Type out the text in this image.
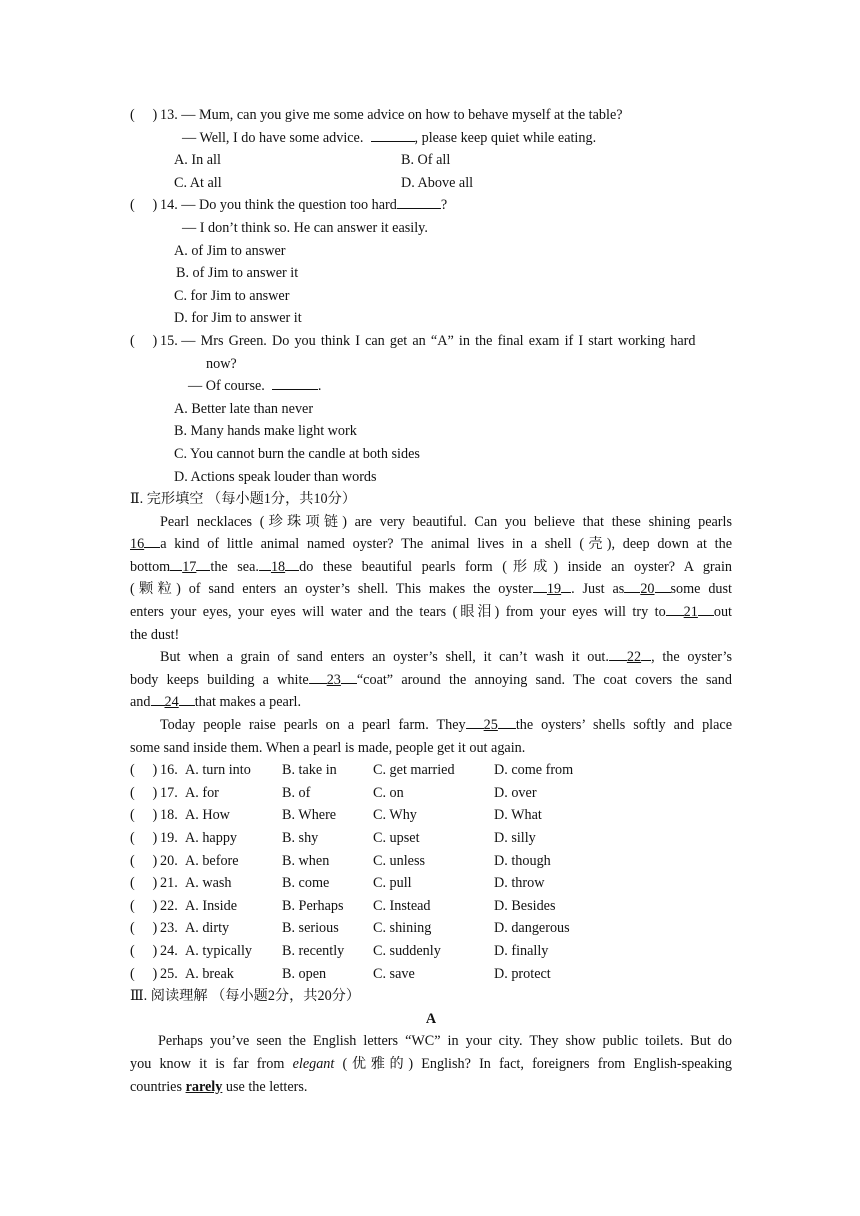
( ) 13. — Mum, can you give me some advice on how to behave myself at the table?
— Well, I do have some advice.	, please keep quiet while eating.
A. In all	B. Of all
C. At all	D. Above all
( ) 14. — Do you think the question too hard	?
— I don’t think so. He can answer it easily.
A. of Jim to answer
B. of Jim to answer it
C. for Jim to answer
D. for Jim to answer it
( ) 15. — Mrs Green. Do you think I can get an “A” in the final exam if I start working hard
now?
— Of course.	.
A. Better late than never
B. Many hands make light work
C. You cannot burn the candle at both sides
D. Actions speak louder than words
Ⅱ. 完形填空 （每小题1分，共10分）
Pearl necklaces (珍珠项链) are very beautiful. Can you believe that these shining pearls
16 a kind of little animal named oyster? The animal lives in a shell (壳), deep down at the
bottom 17 the sea. 18 do these beautiful pearls form (形成) inside an oyster? A grain
(颗粒) of sand enters an oyster’s shell. This makes the oyster 19 . Just as 20 some dust
enters your eyes, your eyes will water and the tears (眼泪) from your eyes will try to 21 out
the dust!
But when a grain of sand enters an oyster’s shell, it can’t wash it out. 22 , the oyster’s
body keeps building a white 23 “coat” around the annoying sand. The coat covers the sand
and 24 that makes a pearl.
Today people raise pearls on a pearl farm. They 25 the oysters’ shells softly and place
some sand inside them. When a pearl is made, people get it out again.
( ) 16. A. turn into B. take in	C. get married	D. come from
( ) 17. A. for	B. of	C. on	D. over
( ) 18. A. How	B. Where	C. Why	D. What
( ) 19. A. happy	B. shy	C. upset	D. silly
( ) 20. A. before	B. when	C. unless	D. though
( ) 21. A. wash	B. come	C. pull	D. throw
( ) 22. A. Inside	B. Perhaps C. Instead	D. Besides
( ) 23. A. dirty	B. serious C. shining	D. dangerous
( ) 24. A. typically B. recently C. suddenly	D. finally
( ) 25. A. break	B. open	C. save	D. protect
Ⅲ. 阅读理解 （每小题2分，共20分）
A
Perhaps you’ve seen the English letters “WC” in your city. They show public toilets. But do
you know it is far from elegant (优雅的) English? In fact, foreigners from English-speaking
countries rarely use the letters.
